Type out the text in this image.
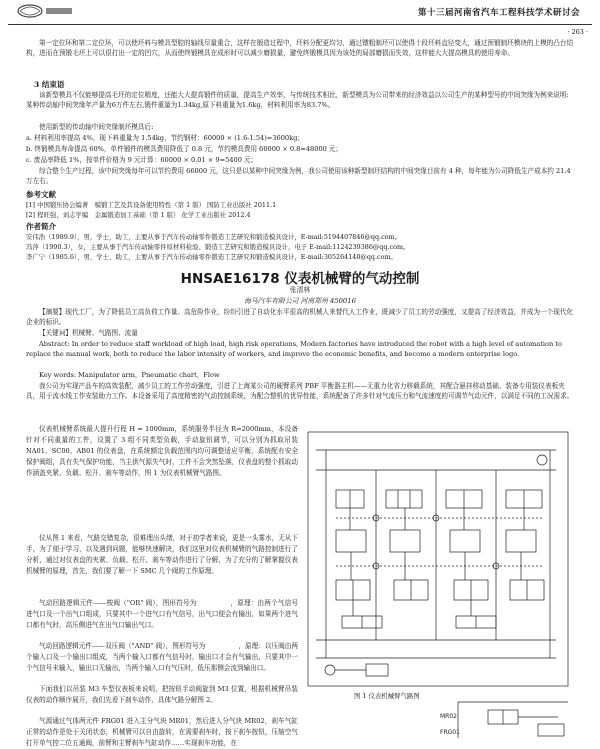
第十三届河南省汽车工程科技学术研讨会
· 263 ·

第一定位环和第二定位环，可以使坯料与模具型腔的轴线尽量重合，这样在锻造过程中，坯料分配更均匀，通过镦粗制坯可以使得十段坯料直径变大，通过预锻制坯模块的上模的凸台结构，进而在预锻毛坯上可以很打出一定的凹穴，从而使终锻模具在成形时可以减少磨损量，避免终锻模具因为该处的局部磨损而失效，这样能大大提高模具的使用寿命。

3 结束语

该新型模具不仅能够提高毛坯的定位精度，还能大大提高锻件的质量，提高生产效率，与传统技术相比，新型模具为公司带来的经济效益以公司生产的某种型号的中间突缘为例来说明: 某种传动轴中间突缘年产量为6万件左右,锻件重量为1.34kg,原下料重量为1.6kg，材料利用率为83.7%。

使用新型的传动轴中间突缘制坯模具后:

a. 材料利用率提高 4%，现下料重量为 1.54kg，节约钢材：60000 × (1.6-1.54)=3600kg；

b. 终锻模具寿命提高 60%，单件锻件的模具费用降低了 0.8 元，节约模具费用 60000 × 0.8=48000 元；

c. 废品率降低 1%，按单件价格为 9 元计算：60000 × 0.01 × 9=5400 元；

综合整个生产过程，该中间突缘每年可以节约费用 66000 元，这只是以某种中间突缘为例，我公司使用该种新型制坯结构的中间突缘目前有 4 种，每年能为公司降低生产成本约 21.4 万左右。

参考文献

[1] 中国锻压协会编著　模锻工艺及其设备使用特性（第 1 版） 国防工业出版社 2011.1

[2] 程旺强，刘志学编　金属锻造加工基础（第 1 版） 化学工业出版社 2012.4

作者简介

安伟浩（1989.9），男，学士，助工，主要从事于汽车传动轴零件锻造工艺研究和锻造模具设计，E-mail:5194407846@qq.com。

冯萍（1990.3），女，主要从事于汽车传动轴零件原材料检验、锻造工艺研究和锻造模具设计，电子 E-mail:1124239386@qq.com。

李广宁（1985.6），男，学士，助工，主要从事于汽车传动轴零件锻造工艺研究和锻造模具设计，E-mail:305264140@qq.com。

HNSAE16178 仪表机械臂的气动控制

张清林

海马汽车有限公司 河南郑州 450016

【摘要】现代工厂，为了降低员工高负荷工作量、高危险作业，纷纷引进了自动化水平很高的机械人来替代人工作业，既减少了员工的劳动强度，又提高了经济效益，并成为一个现代化企业的标识。

【关键词】机械臂、气路图、流量

Abstract: In order to reduce staff workload of high load, high risk operations, Modern factories have introduced the robot with a high level of automation to replace the manual work, both to reduce the labor intensity of workers, and improve the economic benefits, and become a modern enterprise logo.

Key words: Manipulator arm，Pneumatic chart，Flow

我公司为实现产品车的高效装配，减少员工的工作劳动强度，引进了上海某公司的硬臂系列 PBF 平衡器主机——无重力化省力移载系统，其配合悬挂移动基础、装备专用装仪表板夹具，用于流水线工作安装助力工作。本设备采用了高度精密的气动控制系统，为配合整机的优异性能，系统配备了许多针对气流压力和气流速度的可调节气动元件，以满足不同的工况需求。

仪表机械臂系统最大提升行程 H = 1000mm，系统服务半径为 R=2000mm，本设备针对不同重量的工件，设置了 3 组不同类型负载，手动旋钮调节，可以分别为抓取吊装 NA01、SC00、AB01 的仪表盘，在系统额定负载范围内均可调整适应平衡，系统配有安全保护阀组，具有失气保护功能，当主供气源失气时，工件不会突然坠落，仪表盘的整个抓取动作涵盖夹紧、负载、松开、刹车等动作，图 1 为仪表机械臂气路图。

仪从图 1 来看，气路交错复杂，很难理出头绪，对于初学者来说，更是一头雾水，无从下手，为了便于学习，以及遇到问题，能够快速解决，我们这里对仪表机械臂的气路控制进行了分析，通过对仪表盘的夹紧、负载、松开、刹车等动作进行了分解，为了充分的了解掌握仪表机械臂的原理，首先，我们要了解一下 SMC 几个阀的工作原理。

气动回路逻辑元件——梭阀（"OR" 阀），图形符号为　　　　　，原理：由两个气信号进气口及一个出气口组成，只要其中一个进气口有气信号，出气口便会有输出，如果两个进气口都有气时，高压侧进气在出气口输出气口。

气动回路逻辑元件——双压阀（"AND" 阀），图形符号为　　　　　，原理：以压阀由两个输入口及一个输出口组成，当两个输入口都有气信号时，输出口才会有气输出，只要其中一个气信号未输入，输出口无输出，当两个输入口有气压时，低压那侧会流到输出口。

下面我们以吊装 M3 车型仪表板来说明，把按钮手动阀旋到 M3 位置，根据机械臂吊装仪表的动作顺序展开，我们先看下刹车动作、具体气路分解图 2。

气源通过气体两元件 FRG01 进入主分气块 MR01，然后进入分气块 MR02，刹车气缸正常的动作是处于关闭状态，机械臂可以自由旋转，在需要刹车时，按下刹车按钮，压缩空气打开单气控二位五通阀，前臂和主臂刹车气缸动作……实现刹车功能，在

图 1 仪表机械臂气路图

MR02
FRG01
